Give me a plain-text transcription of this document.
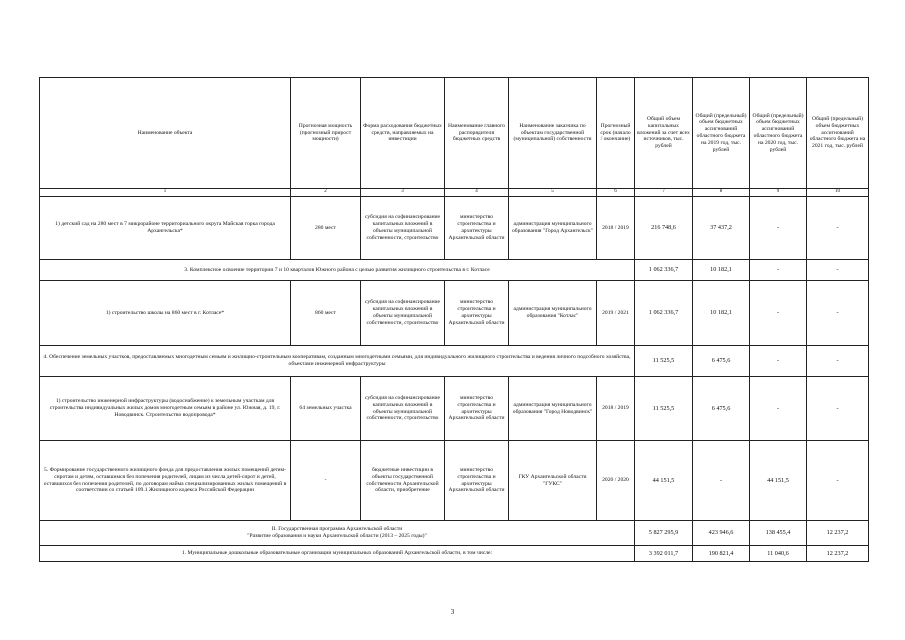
Наименование объекта	Прогнозная мощность (прогнозный прирост мощности)	Форма расходования бюджетных средств, направляемых на инвестиции	Наименование главного распорядителя бюджетных средств	Наименование заказчика по объектам государственной (муниципальной) собственности	Прогнозный срок (начало / окончание)	Общий объем капитальных вложений за счет всех источников, тыс. рублей	Общий (предельный) объем бюджетных ассигнований областного бюджета на 2019 год, тыс. рублей	Общий (предельный) объем бюджетных ассигнований областного бюджета на 2020 год, тыс. рублей	Общий (предельный) объем бюджетных ассигнований областного бюджета на 2021 год, тыс. рублей
1	2	3	4	5	6	7	8	9	10
1) детский сад на 280 мест в 7 микрорайоне территориального округа Майская горка города Архангельска*	280 мест	субсидия на софинансирование капитальных вложений в объекты муниципальной собственности, строительство	министерство строительства и архитектуры Архангельской области	администрация муниципального образования "Город Архангельск"	2018 / 2019	216 748,6	37 437,2	-	-
3. Комплексное освоение территории 7 и 10 кварталов Южного района с целью развития жилищного строительства в г. Котласе						1 062 336,7	10 182,1	-	-
1) строительство школы на 860 мест в г. Котласе*	860 мест	субсидия на софинансирование капитальных вложений в объекты муниципальной собственности, строительство	министерство строительства и архитектуры Архангельской области	администрация муниципального образования "Котлас"	2019 / 2021	1 062 336,7	10 182,1	-	-
4. Обеспечение земельных участков, предоставляемых многодетным семьям и жилищно-строительным кооперативам, созданным многодетными семьями, для индивидуального жилищного строительства и ведения личного подсобного хозяйства, объектами инженерной инфраструктуры						11 525,5	6 475,6	-	-
1) строительство инженерной инфраструктуры (водоснабжение) к земельным участкам для строительства индивидуальных жилых домов многодетным семьям в районе ул. Южная, д. 19, г. Новодвинск. Строительство водопровода*	64 земельных участка	субсидия на софинансирование капитальных вложений в объекты муниципальной собственности, строительство	министерство строительства и архитектуры Архангельской области	администрация муниципального образования "Город Новодвинск"	2018 / 2019	11 525,5	6 475,6	-	-
5. Формирование государственного жилищного фонда для предоставления жилых помещений детям-сиротам и детям, оставшимся без попечения родителей, лицам из числа детей-сирот и детей, оставшихся без попечения родителей, по договорам найма специализированных жилых помещений в соответствии со статьей 109.1 Жилищного кодекса Российской Федерации	-	бюджетные инвестиции в объекты государственной собственности Архангельской области, приобретение	министерство строительства и архитектуры Архангельской области	ГКУ Архангельской области "ГУКС"	2020 / 2020	44 151,5	-	44 151,5	-
II. Государственная программа Архангельской области
"Развитие образования и науки Архангельской области (2013 – 2025 годы)"						5 827 295,9	423 946,6	138 455,4	12 237,2
1. Муниципальные дошкольные образовательные организации муниципальных образований Архангельской области, в том числе:						3 392 011,7	190 821,4	11 040,6	12 237,2
3
